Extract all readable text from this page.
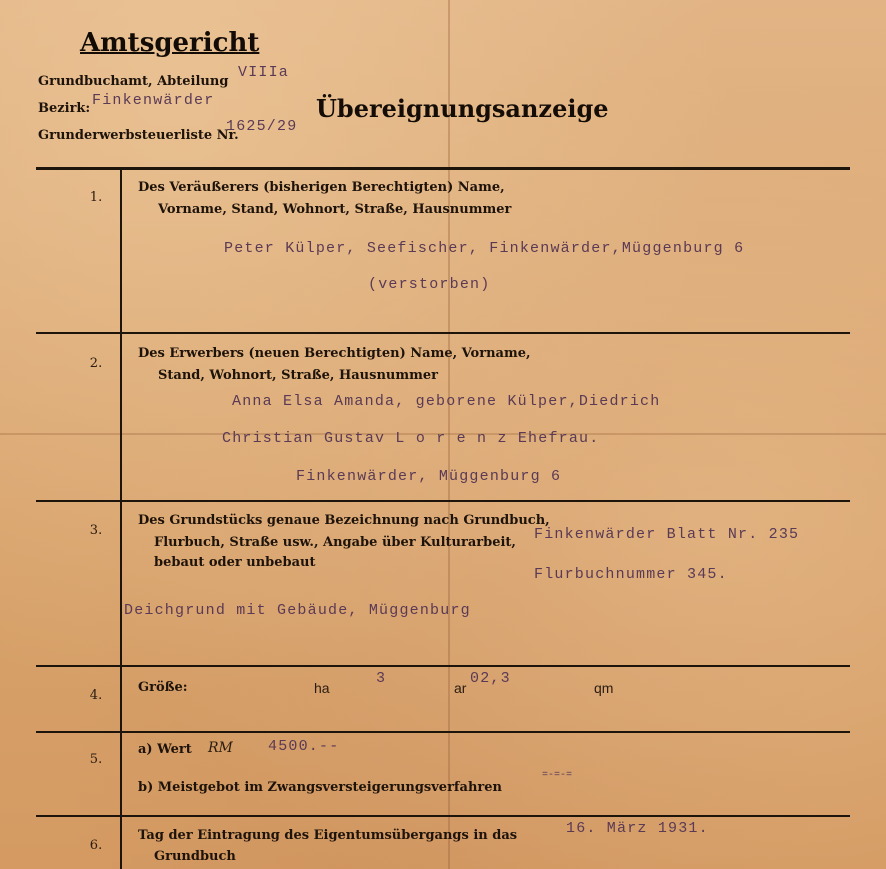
Amtsgericht
Grundbuchamt, Abteilung
VIIIa
Bezirk: Finkenwärder
Grunderwerbsteuerliste Nr.
1625/29
Übereignungsanzeige
1.
Des Veräußerers (bisherigen Berechtigten) Name,
Vorname, Stand, Wohnort, Straße, Hausnummer
Peter Külper, Seefischer, Finkenwärder,Müggenburg 6
(verstorben)
2.
Des Erwerbers (neuen Berechtigten) Name, Vorname,
Stand, Wohnort, Straße, Hausnummer
Anna Elsa Amanda, geborene Külper,Diedrich
Christian Gustav L o r e n z Ehefrau.
Finkenwärder, Müggenburg 6
3.
Des Grundstücks genaue Bezeichnung nach Grundbuch,
Flurbuch, Straße usw., Angabe über Kulturarbeit,
bebaut oder unbebaut
Finkenwärder Blatt Nr. 235
Flurbuchnummer 345.
Deichgrund mit Gebäude, Müggenburg
4.
Größe:	ha
3
ar
02,3
qm
5.
a) Wert RM 4500.--
b) Meistgebot im Zwangsversteigerungsverfahren
=-=-=
6.
Tag der Eintragung des Eigentumsübergangs in das
Grundbuch
16. März 1931.
